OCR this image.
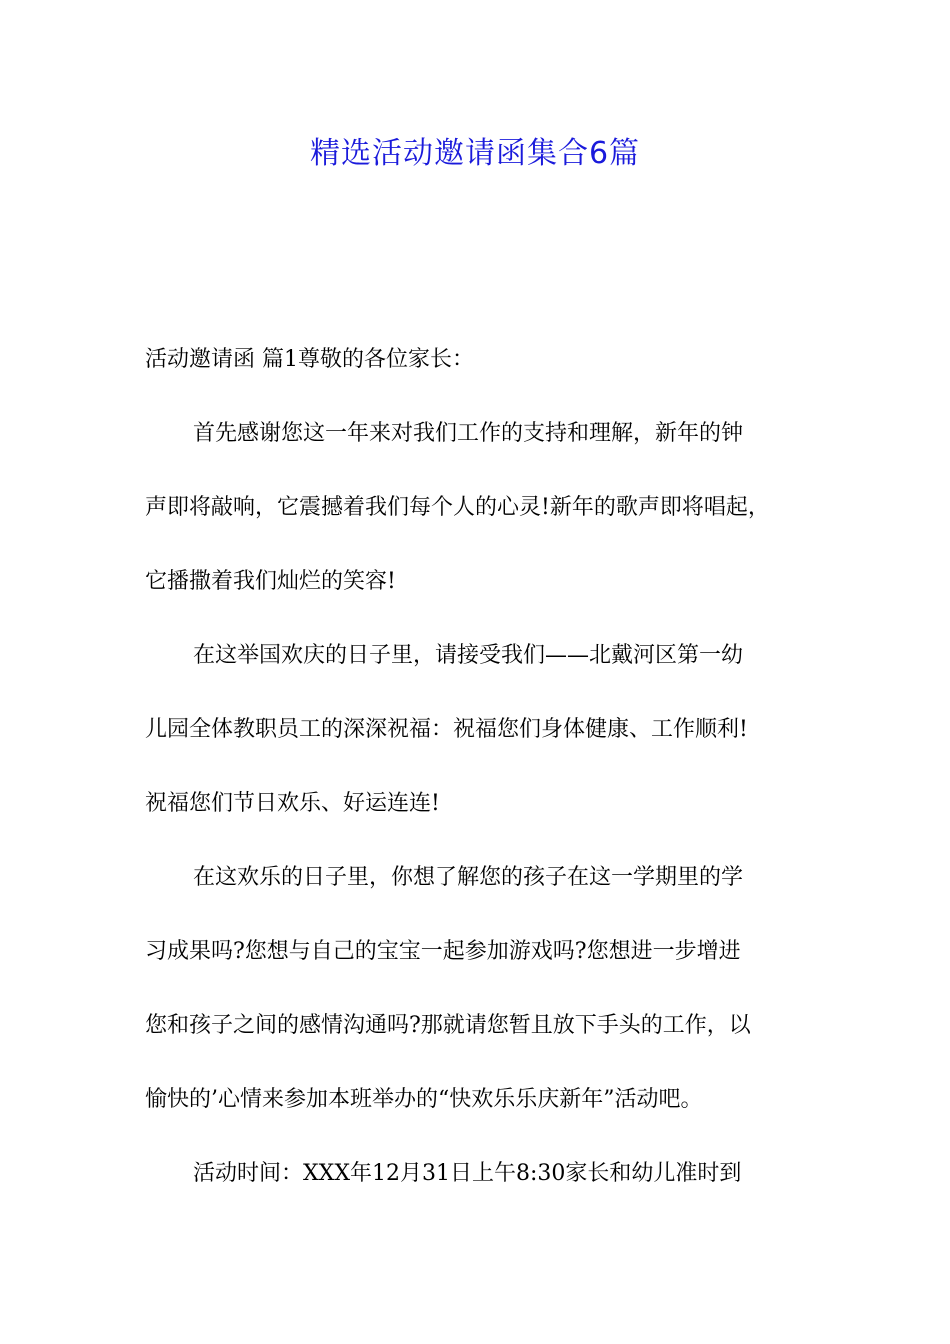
精选活动邀请函集合6篇
活动邀请函 篇1尊敬的各位家长：
首先感谢您这一年来对我们工作的支持和理解，新年的钟
声即将敲响，它震撼着我们每个人的心灵!新年的歌声即将唱起，
它播撒着我们灿烂的笑容!
在这举国欢庆的日子里，请接受我们——北戴河区第一幼
儿园全体教职员工的深深祝福：祝福您们身体健康、工作顺利!
祝福您们节日欢乐、好运连连!
在这欢乐的日子里，你想了解您的孩子在这一学期里的学
习成果吗?您想与自己的宝宝一起参加游戏吗?您想进一步增进
您和孩子之间的感情沟通吗?那就请您暂且放下手头的工作，以
愉快的’心情来参加本班举办的“快欢乐乐庆新年”活动吧。
活动时间：XXX年12月31日上午8:30家长和幼儿准时到
